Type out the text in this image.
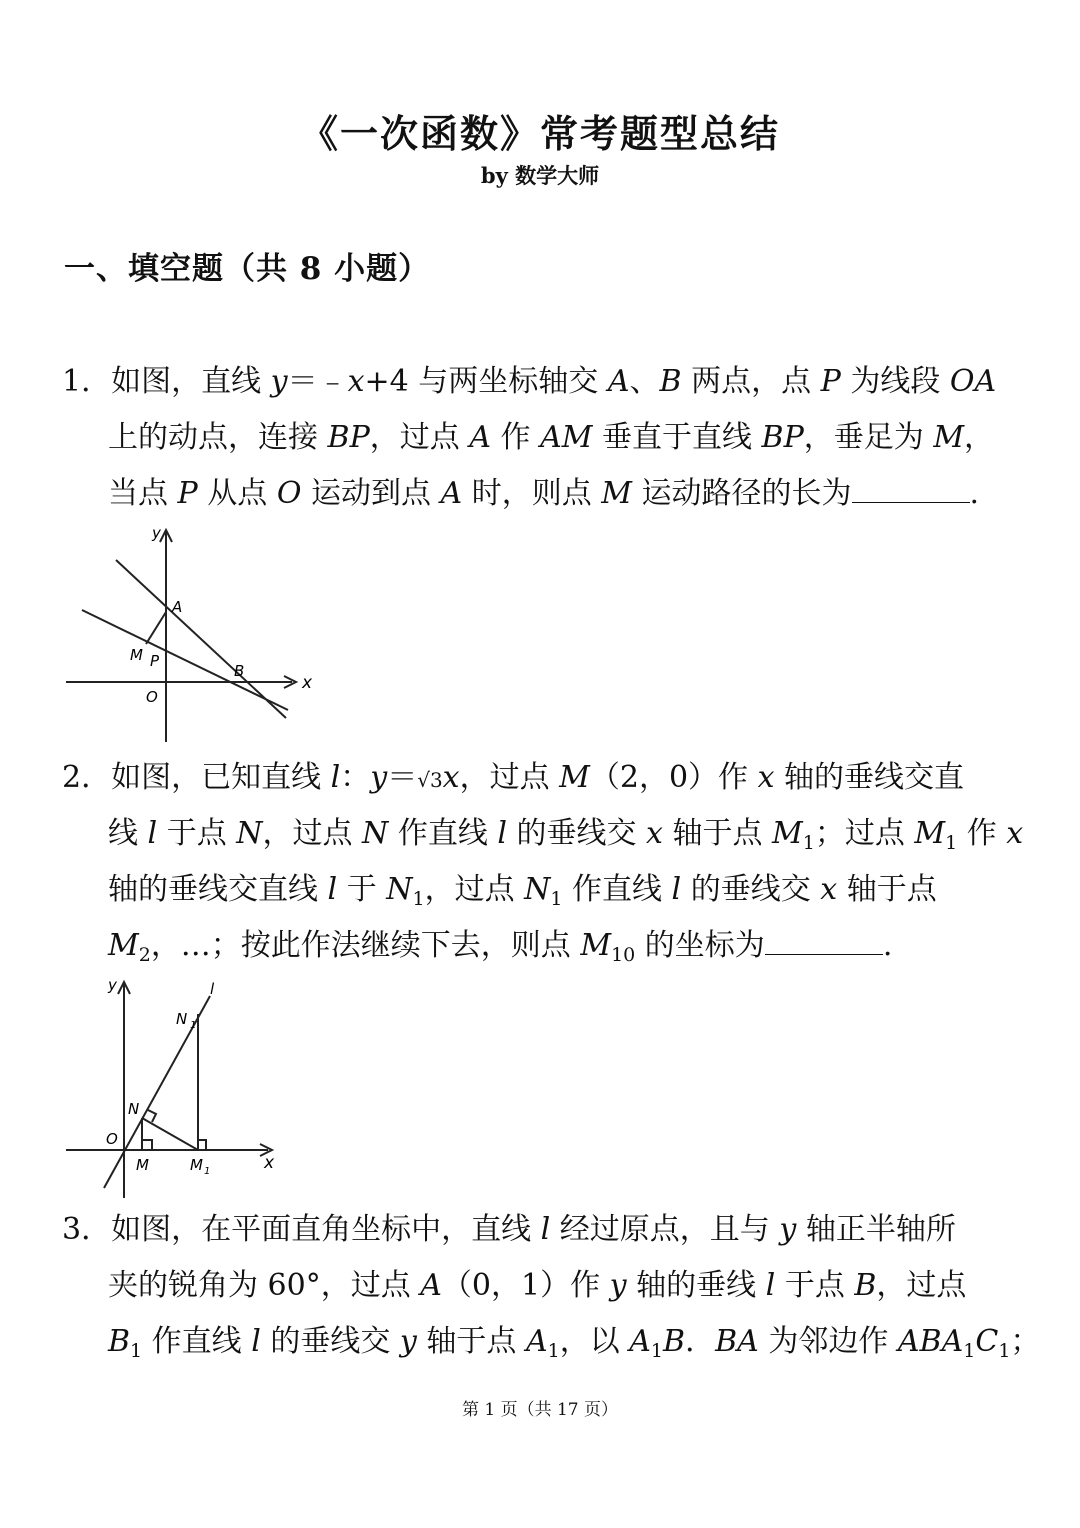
《一次函数》常考题型总结
by 数学大师
一、填空题（共 8 小题）
1．如图，直线 y＝﹣x+4 与两坐标轴交 A、B 两点，点 P 为线段 OA
上的动点，连接 BP，过点 A 作 AM 垂直于直线 BP，垂足为 M，
当点 P 从点 O 运动到点 A 时，则点 M 运动路径的长为	.
y
x
A
M P
B
O
2．如图，已知直线 l：y＝√3x，过点 M（2，0）作 x 轴的垂线交直
线 l 于点 N，过点 N 作直线 l 的垂线交 x 轴于点 $M_1$；过点 $M_1$ 作 x
轴的垂线交直线 l 于 $N_1$，过点 $N_1$ 作直线 l 的垂线交 x 轴于点
$M_2$，…；按此作法继续下去，则点 $M_{10}$ 的坐标为	.
y	l
N 1
N
O
M	M 1	x
3．如图，在平面直角坐标中，直线 l 经过原点，且与 y 轴正半轴所
夹的锐角为 60°，过点 A（0，1）作 y 轴的垂线 l 于点 B，过点
$B_1$ 作直线 l 的垂线交 y 轴于点 $A_1$，以 $A_1B$．BA 为邻边作 $ABA_1C_1$；
第 1 页（共 17 页）
